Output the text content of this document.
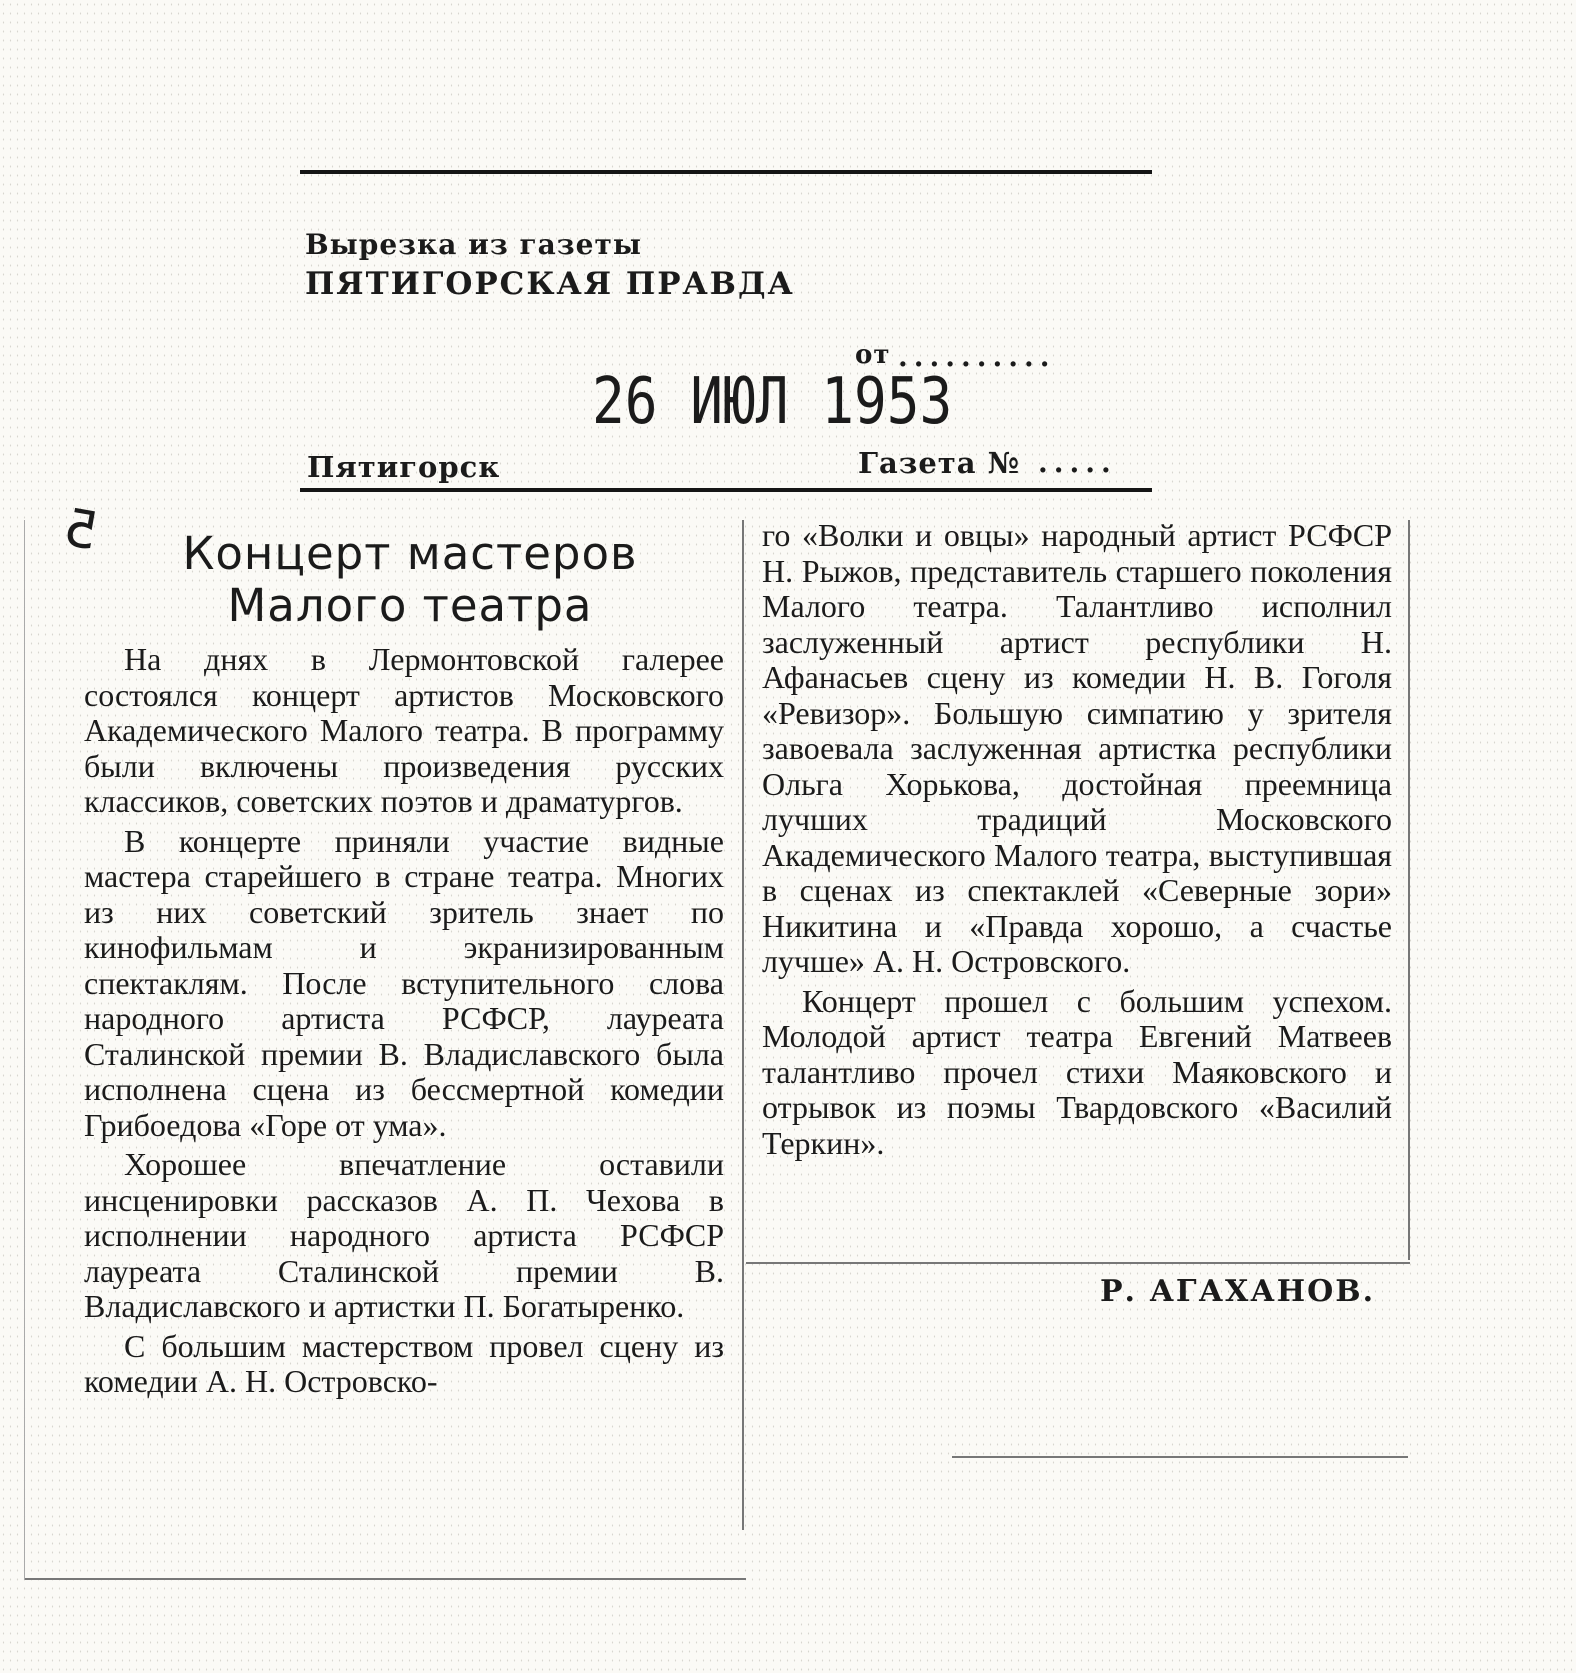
Вырезка из газеты
ПЯТИГОРСКАЯ ПРАВДА
от ..........
26 ИЮЛ 1953
Пятигорск	Газета № .....
5	Концерт мастеров
Малого театра

На днях в Лермонтовской галерее состоялся концерт артистов Московского Академического Малого театра. В программу были включены произведения русских классиков, советских поэтов и драматургов.

В концерте приняли участие видные мастера старейшего в стране театра. Многих из них советский зритель знает по кинофильмам и экранизированным спектаклям. После вступительного слова народного артиста РСФСР, лауреата Сталинской премии В. Владиславского была исполнена сцена из бессмертной комедии Грибоедова «Горе от ума».

Хорошее впечатление оставили инсценировки рассказов А. П. Чехова в исполнении народного артиста РСФСР лауреата Сталинской премии В. Владиславского и артистки П. Богатыренко.

С большим мастерством провел сцену из комедии А. Н. Островско-

го «Волки и овцы» народный артист РСФСР Н. Рыжов, представитель старшего поколения Малого театра. Талантливо исполнил заслуженный артист республики Н. Афанасьев сцену из комедии Н. В. Гоголя «Ревизор». Большую симпатию у зрителя завоевала заслуженная артистка республики Ольга Хорькова, достойная преемница лучших традиций Московского Академического Малого театра, выступившая в сценах из спектаклей «Северные зори» Никитина и «Правда хорошо, а счастье лучше» А. Н. Островского.

Концерт прошел с большим успехом. Молодой артист театра Евгений Матвеев талантливо прочел стихи Маяковского и отрывок из поэмы Твардовского «Василий Теркин».

Р. АГАХАНОВ.
